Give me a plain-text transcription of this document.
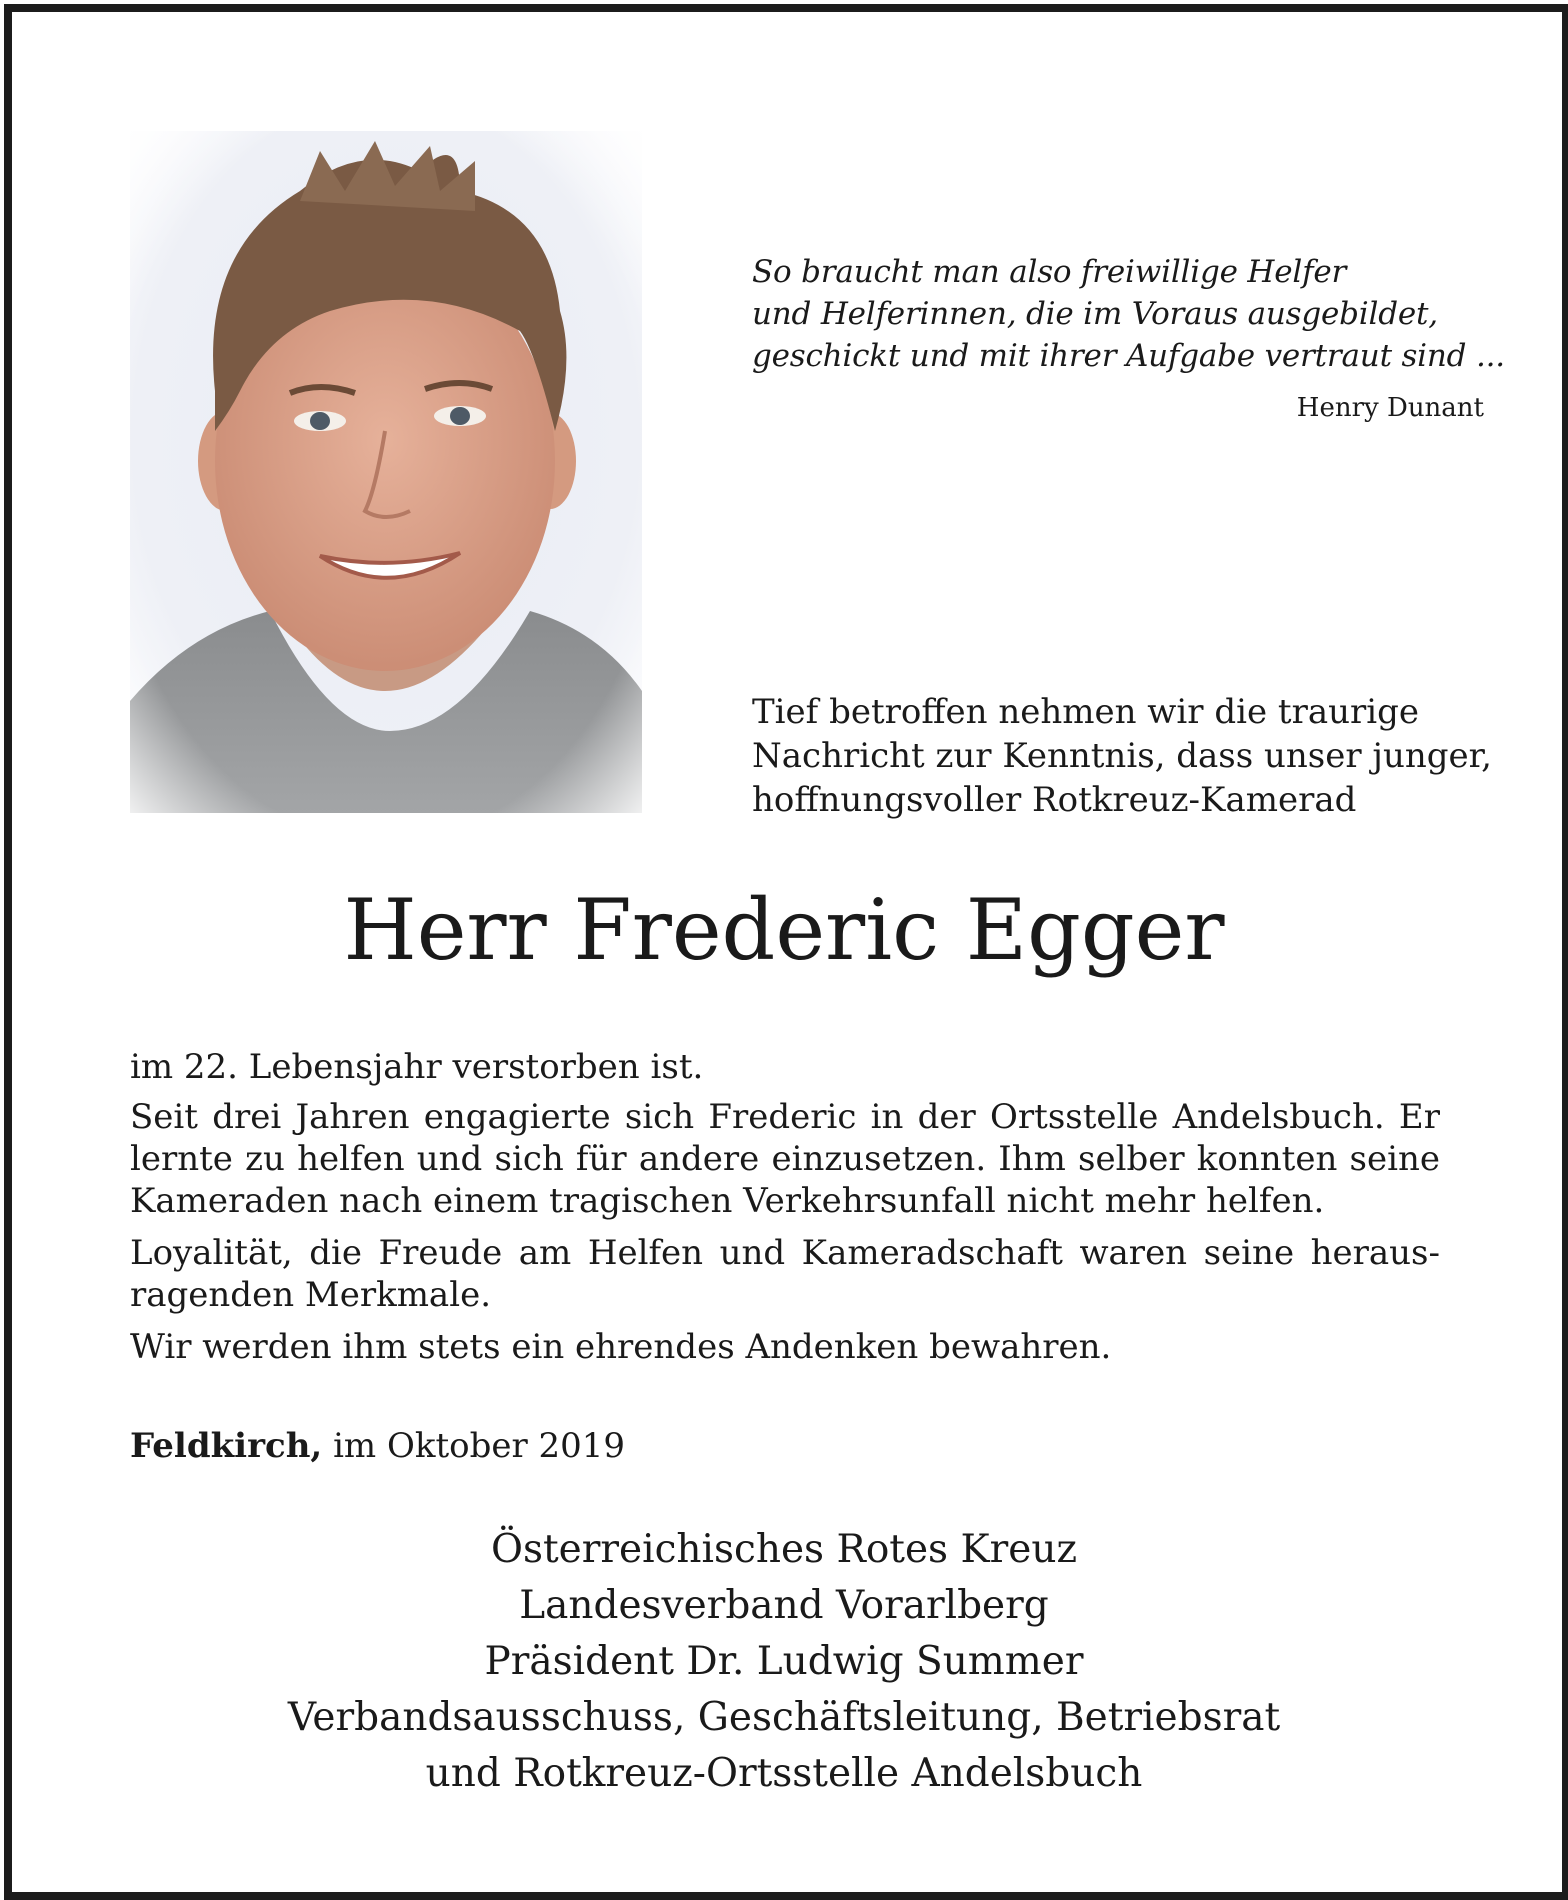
So braucht man also freiwillige Helfer
und Helferinnen, die im Voraus ausgebildet,
geschickt und mit ihrer Aufgabe vertraut sind ...
Henry Dunant
Tief betroffen nehmen wir die traurige
Nachricht zur Kenntnis, dass unser junger,
hoffnungsvoller Rotkreuz-Kamerad
Herr Frederic Egger

im 22. Lebensjahr verstorben ist.

Seit drei Jahren engagierte sich Frederic in der Ortsstelle Andelsbuch. Er lernte zu helfen und sich für andere einzusetzen. Ihm selber konnten seine Kameraden nach einem tragischen Verkehrsunfall nicht mehr helfen.

Loyalität, die Freude am Helfen und Kameradschaft waren seine herausragenden Merkmale.

Wir werden ihm stets ein ehrendes Andenken bewahren.

Feldkirch, im Oktober 2019
Österreichisches Rotes Kreuz
Landesverband Vorarlberg
Präsident Dr. Ludwig Summer
Verbandsausschuss, Geschäftsleitung, Betriebsrat
und Rotkreuz-Ortsstelle Andelsbuch
